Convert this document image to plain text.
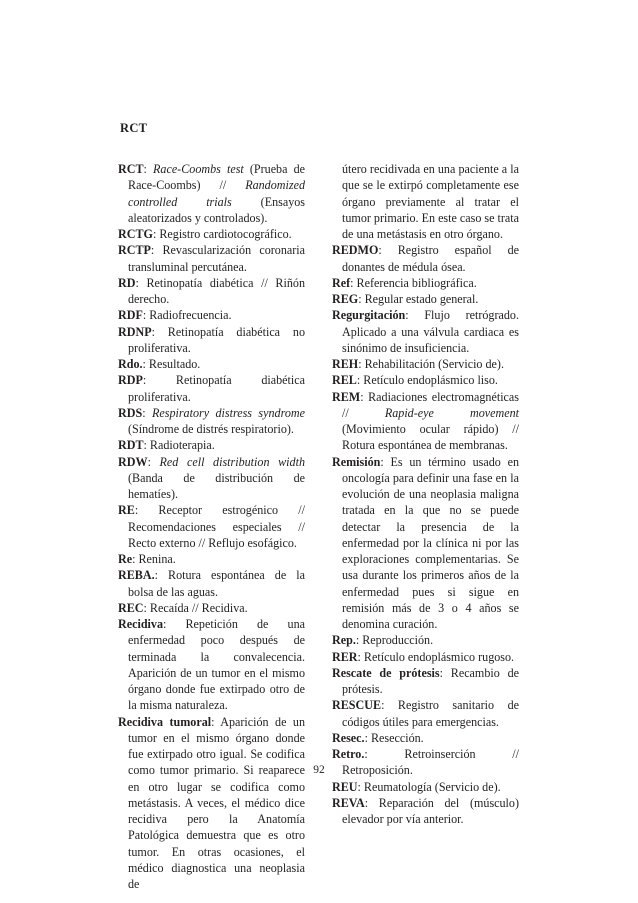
RCT

RCT: Race-Coombs test (Prueba de Race-Coombs) // Randomized controlled trials (Ensayos aleatorizados y controlados).

RCTG: Registro cardiotocográfico.

RCTP: Revascularización coronaria transluminal percutánea.

RD: Retinopatía diabética // Riñón derecho.

RDF: Radiofrecuencia.

RDNP: Retinopatía diabética no proliferativa.

Rdo.: Resultado.

RDP: Retinopatía diabética proliferativa.

RDS: Respiratory distress syndrome (Síndrome de distrés respiratorio).

RDT: Radioterapia.

RDW: Red cell distribution width (Banda de distribución de hematíes).

RE: Receptor estrogénico // Recomendaciones especiales // Recto externo // Reflujo esofágico.

Re: Renina.

REBA.: Rotura espontánea de la bolsa de las aguas.

REC: Recaída // Recidiva.

Recidiva: Repetición de una enfermedad poco después de terminada la convalecencia. Aparición de un tumor en el mismo órgano donde fue extirpado otro de la misma naturaleza.

Recidiva tumoral: Aparición de un tumor en el mismo órgano donde fue extirpado otro igual. Se codifica como tumor primario. Si reaparece en otro lugar se codifica como metástasis. A veces, el médico dice recidiva pero la Anatomía Patológica demuestra que es otro tumor. En otras ocasiones, el médico diagnostica una neoplasia de

útero recidivada en una paciente a la que se le extirpó completamente ese órgano previamente al tratar el tumor primario. En este caso se trata de una metástasis en otro órgano.

REDMO: Registro español de donantes de médula ósea.

Ref: Referencia bibliográfica.

REG: Regular estado general.

Regurgitación: Flujo retrógrado. Aplicado a una válvula cardiaca es sinónimo de insuficiencia.

REH: Rehabilitación (Servicio de).

REL: Retículo endoplásmico liso.

REM: Radiaciones electromagnéticas // Rapid-eye movement (Movimiento ocular rápido) // Rotura espontánea de membranas.

Remisión: Es un término usado en oncología para definir una fase en la evolución de una neoplasia maligna tratada en la que no se puede detectar la presencia de la enfermedad por la clínica ni por las exploraciones complementarias. Se usa durante los primeros años de la enfermedad pues si sigue en remisión más de 3 o 4 años se denomina curación.

Rep.: Reproducción.

RER: Retículo endoplásmico rugoso.

Rescate de prótesis: Recambio de prótesis.

RESCUE: Registro sanitario de códigos útiles para emergencias.

Resec.: Resección.

Retro.: Retroinserción // Retroposición.

REU: Reumatología (Servicio de).

REVA: Reparación del (músculo) elevador por vía anterior.

92
